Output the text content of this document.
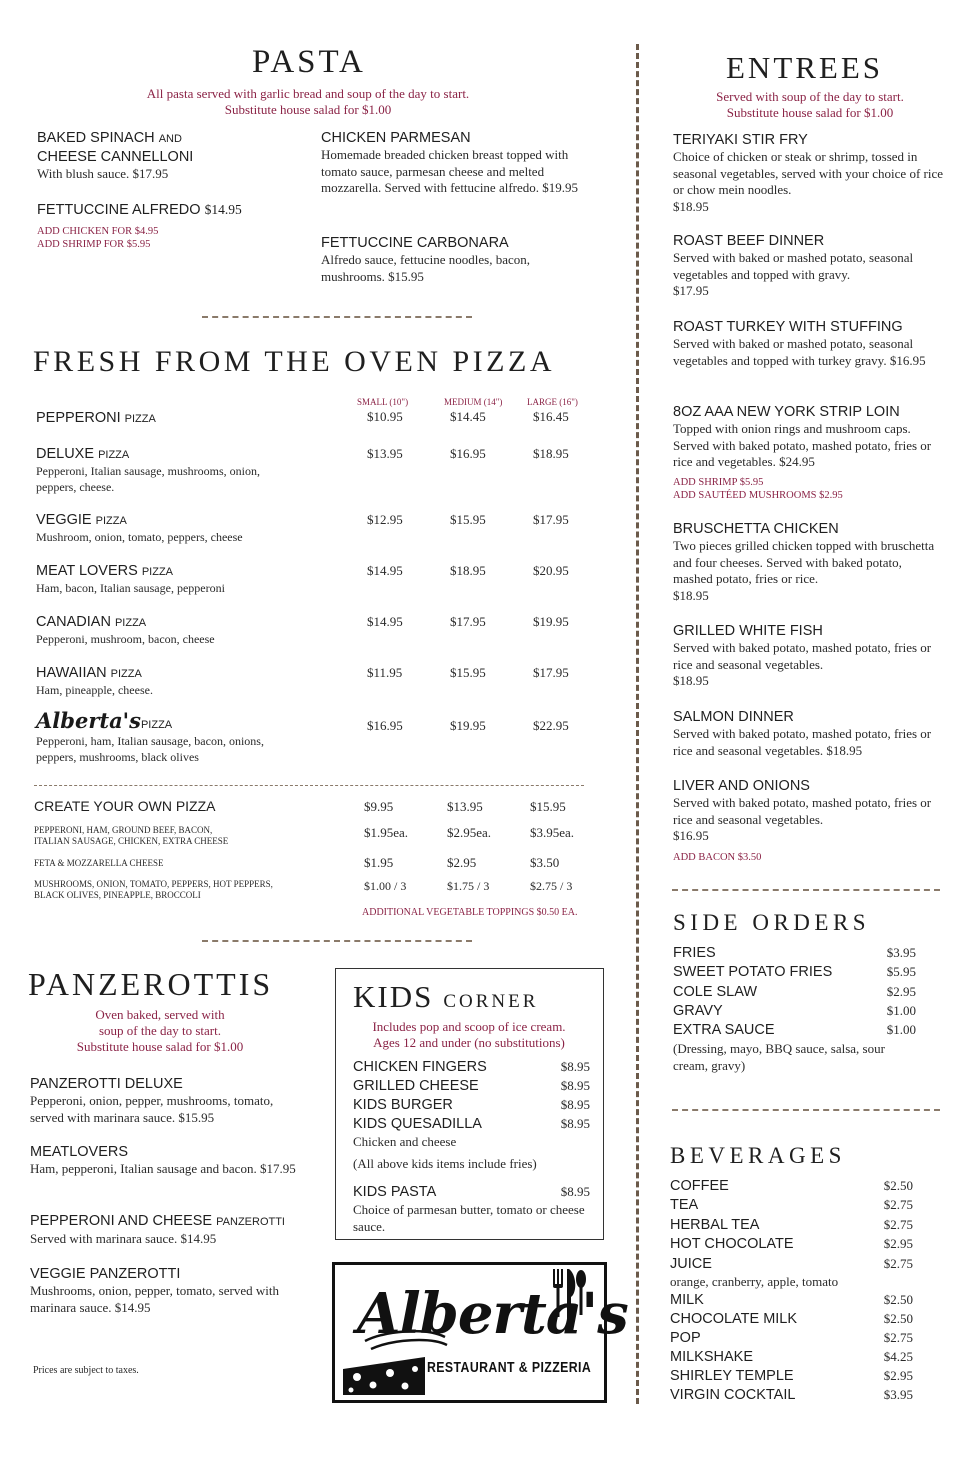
PASTA
All pasta served with garlic bread and soup of the day to start.
Substitute house salad for $1.00
BAKED SPINACH AND
CHEESE CANNELLONI
With blush sauce. $17.95
FETTUCCINE ALFREDO $14.95
ADD CHICKEN FOR $4.95
ADD SHRIMP FOR $5.95
CHICKEN PARMESAN
Homemade breaded chicken breast topped with tomato sauce, parmesan cheese and melted mozzarella. Served with fettucine alfredo. $19.95
FETTUCCINE CARBONARA
Alfredo sauce, fettucine noodles, bacon, mushrooms. $15.95
FRESH FROM THE OVEN PIZZA
SMALL (10")	MEDIUM (14")	LARGE (16")
PEPPERONI PIZZA	$10.95	$14.45	$16.45
DELUXE PIZZA
Pepperoni, Italian sausage, mushrooms, onion, peppers, cheese.
$13.95	$16.95	$18.95
VEGGIE PIZZA
Mushroom, onion, tomato, peppers, cheese
$12.95	$15.95	$17.95
MEAT LOVERS PIZZA
Ham, bacon, Italian sausage, pepperoni
$14.95	$18.95	$20.95
CANADIAN PIZZA
Pepperoni, mushroom, bacon, cheese
$14.95	$17.95	$19.95
HAWAIIAN PIZZA
Ham, pineapple, cheese.
$11.95	$15.95	$17.95
Alberta'sPIZZA
Pepperoni, ham, Italian sausage, bacon, onions, peppers, mushrooms, black olives
$16.95	$19.95	$22.95
CREATE YOUR OWN PIZZA	$9.95	$13.95	$15.95
PEPPERONI, HAM, GROUND BEEF, BACON, ITALIAN SAUSAGE, CHICKEN, EXTRA CHEESE
$1.95ea.	$2.95ea.	$3.95ea.
FETA & MOZZARELLA CHEESE	$1.95	$2.95	$3.50
MUSHROOMS, ONION, TOMATO, PEPPERS, HOT PEPPERS, BLACK OLIVES, PINEAPPLE, BROCCOLI
$1.00 / 3	$1.75 / 3	$2.75 / 3
ADDITIONAL VEGETABLE TOPPINGS $0.50 EA.
PANZEROTTIS
Oven baked, served with
soup of the day to start.
Substitute house salad for $1.00
PANZEROTTI DELUXE
Pepperoni, onion, pepper, mushrooms, tomato, served with marinara sauce. $15.95
MEATLOVERS
Ham, pepperoni, Italian sausage and bacon. $17.95
PEPPERONI AND CHEESE PANZEROTTI
Served with marinara sauce. $14.95
VEGGIE PANZEROTTI
Mushrooms, onion, pepper, tomato, served with marinara sauce. $14.95
Prices are subject to taxes.
KIDS CORNER
Includes pop and scoop of ice cream.
Ages 12 and under (no substitutions)
CHICKEN FINGERS	$8.95
GRILLED CHEESE	$8.95
KIDS BURGER	$8.95
KIDS QUESADILLA	$8.95
Chicken and cheese
(All above kids items include fries)
KIDS PASTA	$8.95
Choice of parmesan butter, tomato or cheese sauce.
Alberta's
RESTAURANT & PIZZERIA
ENTREES
Served with soup of the day to start.
Substitute house salad for $1.00
TERIYAKI STIR FRY
Choice of chicken or steak or shrimp, tossed in seasonal vegetables, served with your choice of rice or chow mein noodles.
$18.95
ROAST BEEF DINNER
Served with baked or mashed potato, seasonal vegetables and topped with gravy.
$17.95
ROAST TURKEY WITH STUFFING
Served with baked or mashed potato, seasonal vegetables and topped with turkey gravy. $16.95
8OZ AAA NEW YORK STRIP LOIN
Topped with onion rings and mushroom caps. Served with baked potato, mashed potato, fries or rice and vegetables. $24.95
ADD SHRIMP $5.95
ADD SAUTÉED MUSHROOMS $2.95
BRUSCHETTA CHICKEN
Two pieces grilled chicken topped with bruschetta and four cheeses. Served with baked potato, mashed potato, fries or rice.
$18.95
GRILLED WHITE FISH
Served with baked potato, mashed potato, fries or rice and seasonal vegetables.
$18.95
SALMON DINNER
Served with baked potato, mashed potato, fries or rice and seasonal vegetables. $18.95
LIVER AND ONIONS
Served with baked potato, mashed potato, fries or rice and seasonal vegetables.
$16.95
ADD BACON $3.50
SIDE ORDERS
FRIES	$3.95
SWEET POTATO FRIES	$5.95
COLE SLAW	$2.95
GRAVY	$1.00
EXTRA SAUCE	$1.00
(Dressing, mayo, BBQ sauce, salsa, sour cream, gravy)
BEVERAGES
COFFEE	$2.50
TEA	$2.75
HERBAL TEA	$2.75
HOT CHOCOLATE	$2.95
JUICE	$2.75
orange, cranberry, apple, tomato
MILK	$2.50
CHOCOLATE MILK	$2.50
POP	$2.75
MILKSHAKE	$4.25
SHIRLEY TEMPLE	$2.95
VIRGIN COCKTAIL	$3.95
